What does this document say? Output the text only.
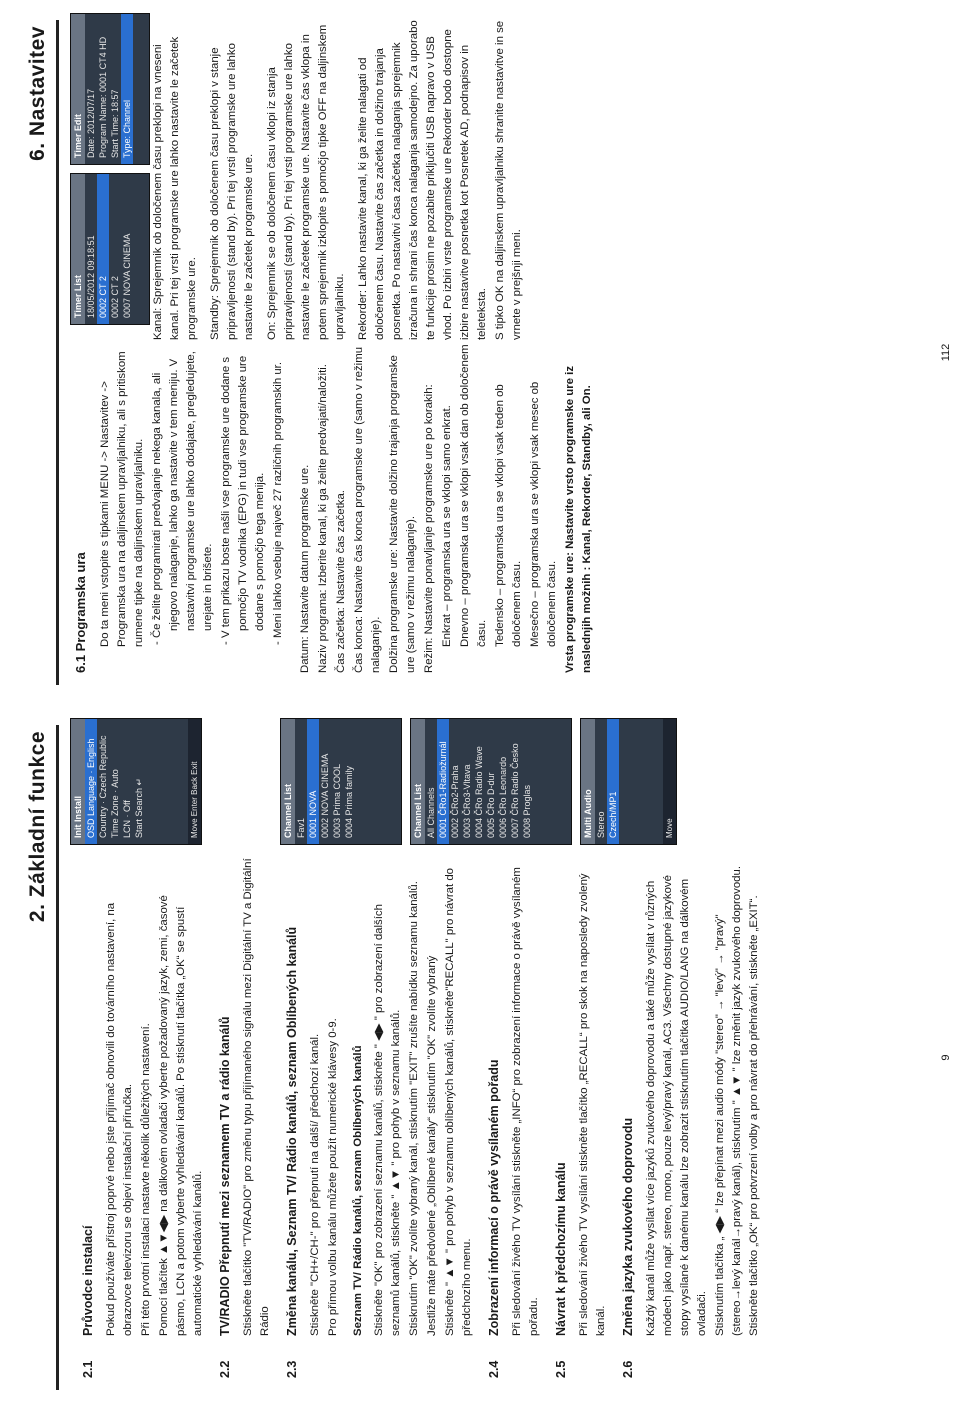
6. Nastavitev

6.1 Programska ura Do ta meni vstopite s tipkami MENU -> Nastavitev -> Programska ura na daljinskem upravljalniku, ali s pritiskom rumene tipke na daljinskem upravljalniku. - Če želite programirati predvajanje nekega kanala, ali njegovo nalaganje, lahko ga nastavite v tem meniju. V nastavitvi programske ure lahko dodajate, pregledujete, urejate in brišete. - V tem prikazu boste našli vse programske ure dodane s pomočjo TV vodnika (EPG) in tudi vse programske ure dodane s pomočjo tega menija. - Meni lahko vsebuje največ 27 različnih programskih ur. Datum: Nastavite datum programske ure. Naziv programa: Izberite kanal, ki ga želite predvajati/naložiti. Čas začetka: Nastavite čas začetka. Čas konca: Nastavite čas konca programske ure (samo v režimu nalaganje). Dolžina programske ure: Nastavite dolžino trajanja programske ure (samo v režimu nalaganje). Režim: Nastavite ponavljanje programske ure po korakih: Enkrat – programska ura se vklopi samo enkrat. Dnevno – programska ura se vklopi vsak dan ob določenem času. Tedensko – programska ura se vklopi vsak teden ob določenem času. Mesečno – programska ura se vklopi vsak mesec ob določenem času. Vrsta programske ure: Nastavite vrsto programske ure iz naslednjih možnih : Kanal, Rekorder, Standby, ali On.

Kanal: Sprejemnik ob določenem času preklopi na vneseni kanal. Pri tej vrsti programske ure lahko nastavite le začetek programske ure. Standby: Sprejemnik ob določenem času preklopi v stanje pripravljenosti (stand by). Pri tej vrsti programske ure lahko nastavite le začetek programske ure. On: Sprejemnik se ob določenem času vklopi iz stanja pripravljenosti (stand by). Pri tej vrsti programske ure lahko nastavite le začetek programske ure. Nastavite čas vklopa in potem sprejemnik izklopite s pomočjo tipke OFF na daljinskem upravljalniku. Rekorder: Lahko nastavite kanal, ki ga želite nalagati od določenem času. Nastavite čas začetka in dolžino trajanja posnetka. Po nastavitvi časa začetka nalaganja sprejemnik izračuna in shrani čas konca nalaganja samodejno. Za uporabo te funkcije prosim ne pozabite priključiti USB napravo v USB vhod. Po izbiri vrste programske ure Rekorder bodo dostopne izbire nastavitve posnetka kot Posnetek AD, podnapisov in teleteksta. S tipko OK na daljinskem upravljalniku shranite nastavitve in se vrnete v prejšnji meni.

Timer List 18/05/2012 09:18:51 0002 CT 2 0002 CT 2 0007 NOVA CINEMA
Timer Edit Date: 2012/07/17 Program Name: 0001 CT4 HD
Start Time: 18:57
Type: Channel
112
2. Základní funkce

2.1
Průvodce instalací Pokud používáte přístroj poprvé nebo jste přijímač obnovili do továrního nastavení, na obrazovce televizoru se objeví instalační příručka. Při této prvotní instalaci nastavte několik důležitých nastavení. Pomocí tlačítek ▲▼◀▶ na dálkovém ovladači vyberte požadovaný jazyk, zemi, časové pásmo, LCN a potom vyberte vyhledávání kanálů. Po stisknutí tlačítka „OK“ se spustí automatické vyhledávání kanálů.

2.2
TV/RADIO Přepnutí mezi seznamem TV a rádio kanálů Stiskněte tlačítko "TV/RADIO" pro změnu typu přijímaného signálu mezi Digitální TV a Digitální Rádio

2.3
Změna kanálu, Seznam TV/ Rádio kanálů, seznam Oblíbených kanálů Stiskněte "CH+/CH-" pro přepnutí na další/ předchozí kanál. Pro přímou volbu kanálu můžete použít numerické klávesy 0-9. Seznam TV/ Rádio kanálů, seznam Oblíbených kanálů Stiskněte "OK" pro zobrazení seznamu kanálů, stiskněte " ◀▶ " pro zobrazení dalších seznamů kanálů, stiskněte " ▲▼ " pro pohyb v seznamu kanálů. Stisknutím "OK" zvolíte vybraný kanál, stisknutím "EXIT" zrušíte nabídku seznamu kanálů. Jestliže máte předvolené „Oblíbené kanály“ stisknutím "OK" zvolíte vybraný Stiskněte " ▲▼ " pro pohyb v seznamu oblíbených kanálů, stiskněte"RECALL" pro návrat do předchozího menu.

2.4
Zobrazení informací o právě vysílaném pořadu Při sledování živého TV vysílání stiskněte „INFO“ pro zobrazení informace o právě vysílaném pořadu.

2.5
Návrat k předchozímu kanálu Při sledování živého TV vysílání stiskněte tlačítko „RECALL“ pro skok na naposledy zvolený kanál.

2.6
Změna jazyka zvukového doprovodu Každý kanál může vysílat více jazyků zvukového doprovodu a také může vysílat v různých módech jako např. stereo, mono, pouze levý/pravý kanál, AC3. Všechny dostupné jazykové stopy vysílané k danému kanálu lze zobrazit stisknutím tlačítka AUDIO/LANG na dálkovém ovladači. Stisknutím tlačítka „ ◀▶ “ lze přepínat mezi audio módy "stereo" → "levý" → "pravý" (stereo→levý kanál→pravý kanál), stisknutím " ▲▼ " lze změnit jazyk zvukového doprovodu. Stiskněte tlačítko „OK“ pro potvrzení volby a pro návrat do přehrávání, stiskněte „EXIT“.

Init Install OSD Language · English
Country · Czech Republic
Time Zone · Auto
LCN · Off Start Search ↵
Move Enter Back Exit
Channel List Fav1 0001 NOVA
0002 NOVA CINEMA
0003 Prima COOL
0004 Prima family	Channel List All Channels 0001 ČRo1-Radiožurnál
0002 ČRo2-Praha
0003 ČRo3-Vltava
0004 ČRo Radio Wave
0005 ČRo D-dur
0006 ČRo Leonardo
0007 ČRo Radio Česko
0008 Proglas	Multi Audio Stereo Czech/MP1	Move
9
